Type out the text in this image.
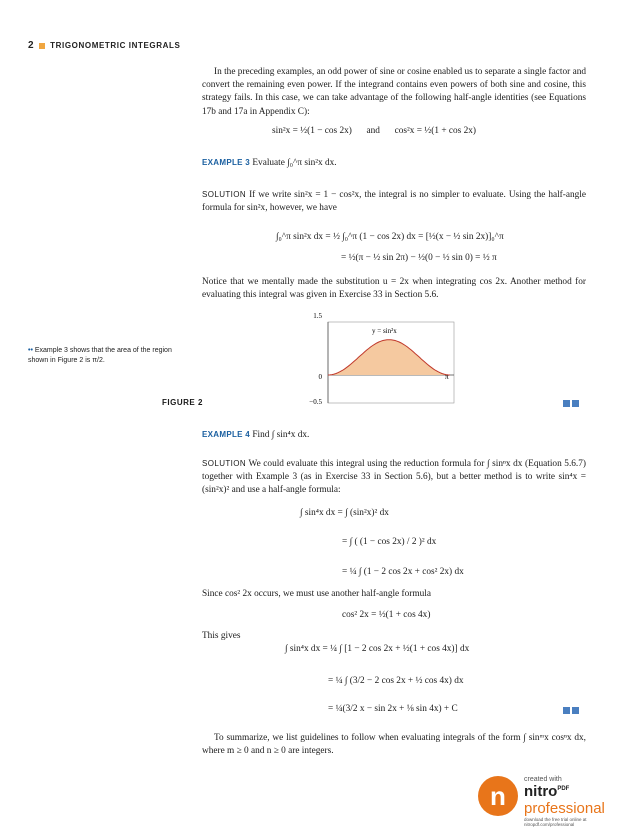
2 TRIGONOMETRIC INTEGRALS
In the preceding examples, an odd power of sine or cosine enabled us to separate a single factor and convert the remaining even power. If the integrand contains even powers of both sine and cosine, this strategy fails. In this case, we can take advantage of the following half-angle identities (see Equations 17b and 17a in Appendix C):
sin²x = ½(1 − cos 2x) and cos²x = ½(1 + cos 2x)
EXAMPLE 3 Evaluate ∫₀^π sin²x dx.
SOLUTION If we write sin²x = 1 − cos²x, the integral is no simpler to evaluate. Using the half-angle formula for sin²x, however, we have
∫₀^π sin²x dx = ½ ∫₀^π (1 − cos 2x) dx = [½(x − ½ sin 2x)]₀^π
= ½(π − ½ sin 2π) − ½(0 − ½ sin 0) = ½ π
Notice that we mentally made the substitution u = 2x when integrating cos 2x. Another method for evaluating this integral was given in Exercise 33 in Section 5.6.
•• Example 3 shows that the area of the region shown in Figure 2 is π/2.
1.5
0
−0.5
π
y = sin²x
FIGURE 2
EXAMPLE 4 Find ∫ sin⁴x dx.
SOLUTION We could evaluate this integral using the reduction formula for ∫ sinⁿx dx (Equation 5.6.7) together with Example 3 (as in Exercise 33 in Section 5.6), but a better method is to write sin⁴x = (sin²x)² and use a half-angle formula:
∫ sin⁴x dx = ∫ (sin²x)² dx
= ∫ ( (1 − cos 2x) / 2 )² dx
= ¼ ∫ (1 − 2 cos 2x + cos² 2x) dx
Since cos² 2x occurs, we must use another half-angle formula
cos² 2x = ½(1 + cos 4x)
This gives
∫ sin⁴x dx = ¼ ∫ [1 − 2 cos 2x + ½(1 + cos 4x)] dx
= ¼ ∫ (3/2 − 2 cos 2x + ½ cos 4x) dx
= ¼(3/2 x − sin 2x + ⅛ sin 4x) + C
To summarize, we list guidelines to follow when evaluating integrals of the form ∫ sinᵐx cosⁿx dx, where m ≥ 0 and n ≥ 0 are integers.
n
created with
nitro$^{PDF}$ professional
download the free trial online at nitropdf.com/professional
